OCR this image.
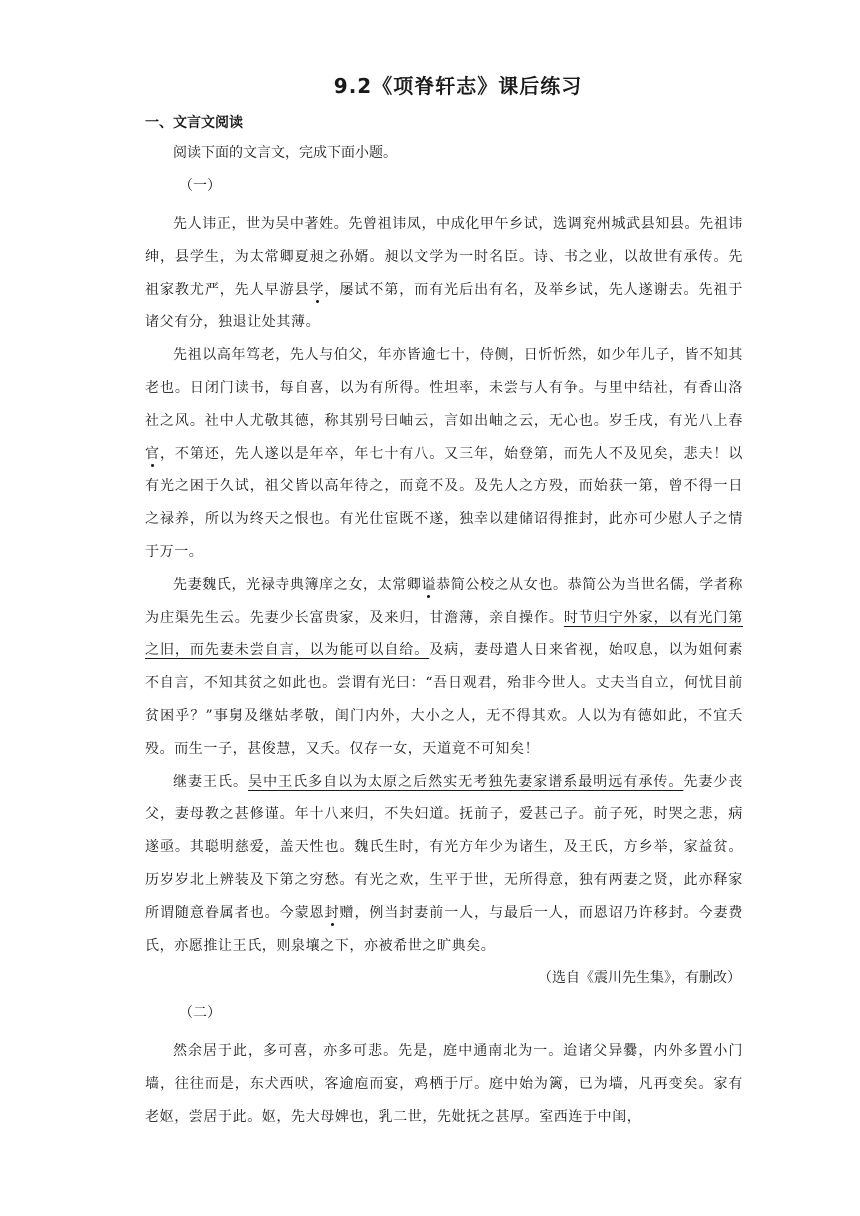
9.2《项脊轩志》课后练习
一、文言文阅读
阅读下面的文言文，完成下面小题。
（一）

先人讳正，世为吴中著姓。先曾祖讳凤，中成化甲午乡试，选调兖州城武县知县。先祖讳绅，县学生，为太常卿夏昶之孙婿。昶以文学为一时名臣。诗、书之业，以故世有承传。先祖家教尤严，先人早游县学，屡试不第，而有光后出有名，及举乡试，先人遂谢去。先祖于诸父有分，独退让处其薄。

先祖以高年笃老，先人与伯父，年亦皆逾七十，侍侧，日忻忻然，如少年儿子，皆不知其老也。日闭门读书，每自喜，以为有所得。性坦率，未尝与人有争。与里中结社，有香山洛社之风。社中人尤敬其德，称其别号曰岫云，言如出岫之云，无心也。岁壬戌，有光八上春官，不第还，先人遂以是年卒，年七十有八。又三年，始登第，而先人不及见矣，悲夫！以有光之困于久试，祖父皆以高年待之，而竟不及。及先人之方殁，而始获一第，曾不得一日之禄养，所以为终天之恨也。有光仕宦既不遂，独幸以建储诏得推封，此亦可少慰人子之情于万一。

先妻魏氏，光禄寺典簿庠之女，太常卿谥恭简公校之从女也。恭简公为当世名儒，学者称为庄渠先生云。先妻少长富贵家，及来归，甘澹薄，亲自操作。时节归宁外家，以有光门第之旧，而先妻未尝自言，以为能可以自给。及病，妻母遣人日来省视，始叹息，以为姐何素不自言，不知其贫之如此也。尝谓有光曰：“吾日观君，殆非今世人。丈夫当自立，何忧目前贫困乎？”事舅及继姑孝敬，闺门内外，大小之人，无不得其欢。人以为有德如此，不宜夭殁。而生一子，甚俊慧，又夭。仅存一女，天道竟不可知矣！

继妻王氏。吴中王氏多自以为太原之后然实无考独先妻家谱系最明远有承传。先妻少丧父，妻母教之甚修谨。年十八来归，不失妇道。抚前子，爱甚己子。前子死，时哭之悲，病遂亟。其聪明慈爱，盖天性也。魏氏生时，有光方年少为诸生，及王氏，方乡举，家益贫。历岁岁北上辨装及下第之穷愁。有光之欢，生平于世，无所得意，独有两妻之贤，此亦释家所谓随意眷属者也。今蒙恩封赠，例当封妻前一人，与最后一人，而恩诏乃许移封。今妻费氏，亦愿推让王氏，则泉壤之下，亦被希世之旷典矣。

（选自《震川先生集》，有删改）

（二）

然余居于此，多可喜，亦多可悲。先是，庭中通南北为一。迨诸父异爨，内外多置小门墙，往往而是，东犬西吠，客逾庖而宴，鸡栖于厅。庭中始为篱，已为墙，凡再变矣。家有老妪，尝居于此。妪，先大母婢也，乳二世，先妣抚之甚厚。室西连于中闺，
